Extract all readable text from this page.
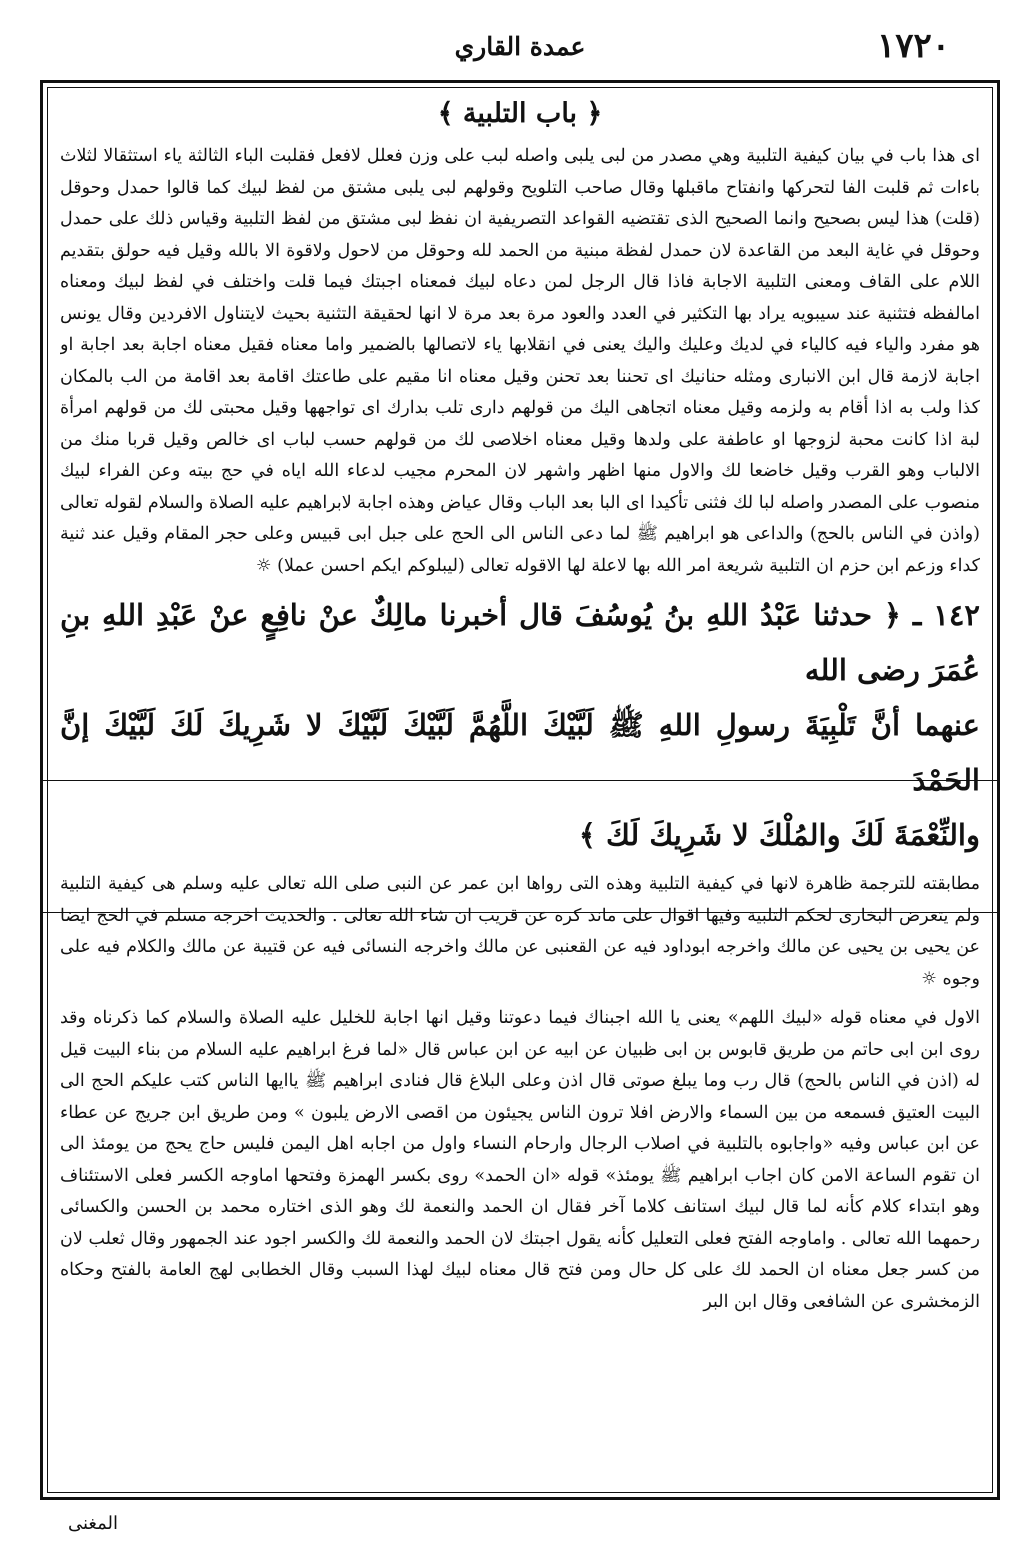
١٧٢٠
عمدة القاري
﴿ باب التلبية ﴾

اى هذا باب في بيان كيفية التلبية وهي مصدر من لبى يلبى واصله لبب على وزن فعلل لافعل فقلبت الباء الثالثة ياء استثقالا لثلاث باءات ثم قلبت الفا لتحركها وانفتاح ماقبلها وقال صاحب التلويح وقولهم لبى يلبى مشتق من لفظ لبيك كما قالوا حمدل وحوقل (قلت) هذا ليس بصحيح وانما الصحيح الذى تقتضيه القواعد التصريفية ان نفظ لبى مشتق من لفظ التلبية وقياس ذلك على حمدل وحوقل في غاية البعد من القاعدة لان حمدل لفظة مبنية من الحمد لله وحوقل من لاحول ولاقوة الا بالله وقيل فيه حولق بتقديم اللام على القاف ومعنى التلبية الاجابة فاذا قال الرجل لمن دعاه لبيك فمعناه اجبتك فيما قلت واختلف في لفظ لبيك ومعناه امالفظه فتثنية عند سيبويه يراد بها التكثير في العدد والعود مرة بعد مرة لا انها لحقيقة التثنية بحيث لايتناول الافردين وقال يونس هو مفرد والياء فيه كالياء في لديك وعليك واليك يعنى في انقلابها ياء لاتصالها بالضمير واما معناه فقيل معناه اجابة بعد اجابة او اجابة لازمة قال ابن الانبارى ومثله حنانيك اى تحننا بعد تحنن وقيل معناه انا مقيم على طاعتك اقامة بعد اقامة من الب بالمكان كذا ولب به اذا أقام به ولزمه وقيل معناه اتجاهى اليك من قولهم دارى تلب بدارك اى تواجهها وقيل محبتى لك من قولهم امرأة لبة اذا كانت محبة لزوجها او عاطفة على ولدها وقيل معناه اخلاصى لك من قولهم حسب لباب اى خالص وقيل قربا منك من الالباب وهو القرب وقيل خاضعا لك والاول منها اظهر واشهر لان المحرم مجيب لدعاء الله اياه في حج بيته وعن الفراء لبيك منصوب على المصدر واصله لبا لك فثنى تأكيدا اى البا بعد الباب وقال عياض وهذه اجابة لابراهيم عليه الصلاة والسلام لقوله تعالى (واذن في الناس بالحج) والداعى هو ابراهيم ﷺ لما دعى الناس الى الحج على جبل ابى قبيس وعلى حجر المقام وقيل عند ثنية كداء وزعم ابن حزم ان التلبية شريعة امر الله بها لاعلة لها الاقوله تعالى (ليبلوكم ايكم احسن عملا) ☼

١٤٢ ـ ﴿ حدثنا عَبْدُ اللهِ بنُ يُوسُفَ قال أخبرنا مالِكٌ عنْ نافِعٍ عنْ عَبْدِ اللهِ بنِ عُمَرَ رضى الله
عنهما أنَّ تَلْبِيَةَ رسولِ اللهِ ﷺ لَبَّيْكَ اللَّهُمَّ لَبَّيْكَ لَبَّيْكَ لا شَرِيكَ لَكَ لَبَّيْكَ إنَّ الحَمْدَ
والنِّعْمَةَ لَكَ والمُلْكَ لا شَرِيكَ لَكَ ﴾

مطابقته للترجمة ظاهرة لانها في كيفية التلبية وهذه التى رواها ابن عمر عن النبى صلى الله تعالى عليه وسلم هى كيفية التلبية ولم يتعرض البخارى لحكم التلبية وفيها اقوال على ماند كره عن قريب ان شاء الله تعالى . والحديث اخرجه مسلم في الحج ايضا عن يحيى بن يحيى عن مالك واخرجه ابوداود فيه عن القعنبى عن مالك واخرجه النسائى فيه عن قتيبة عن مالك والكلام فيه على وجوه ☼

الاول في معناه قوله «لبيك اللهم» يعنى يا الله اجبناك فيما دعوتنا وقيل انها اجابة للخليل عليه الصلاة والسلام كما ذكرناه وقد روى ابن ابى حاتم من طريق قابوس بن ابى ظبيان عن ابيه عن ابن عباس قال «لما فرغ ابراهيم عليه السلام من بناء البيت قيل له (اذن في الناس بالحج) قال رب وما يبلغ صوتى قال اذن وعلى البلاغ قال فنادى ابراهيم ﷺ ياايها الناس كتب عليكم الحج الى البيت العتيق فسمعه من بين السماء والارض افلا ترون الناس يجيئون من اقصى الارض يلبون » ومن طريق ابن جريج عن عطاء عن ابن عباس وفيه «واجابوه بالتلبية في اصلاب الرجال وارحام النساء واول من اجابه اهل اليمن فليس حاج يحج من يومئذ الى ان تقوم الساعة الامن كان اجاب ابراهيم ﷺ يومئذ» قوله «ان الحمد» روى بكسر الهمزة وفتحها اماوجه الكسر فعلى الاستئناف وهو ابتداء كلام كأنه لما قال لبيك استانف كلاما آخر فقال ان الحمد والنعمة لك وهو الذى اختاره محمد بن الحسن والكسائى رحمهما الله تعالى . واماوجه الفتح فعلى التعليل كأنه يقول اجبتك لان الحمد والنعمة لك والكسر اجود عند الجمهور وقال ثعلب لان من كسر جعل معناه ان الحمد لك على كل حال ومن فتح قال معناه لبيك لهذا السبب وقال الخطابى لهج العامة بالفتح وحكاه الزمخشرى عن الشافعى وقال ابن البر

المغنى
